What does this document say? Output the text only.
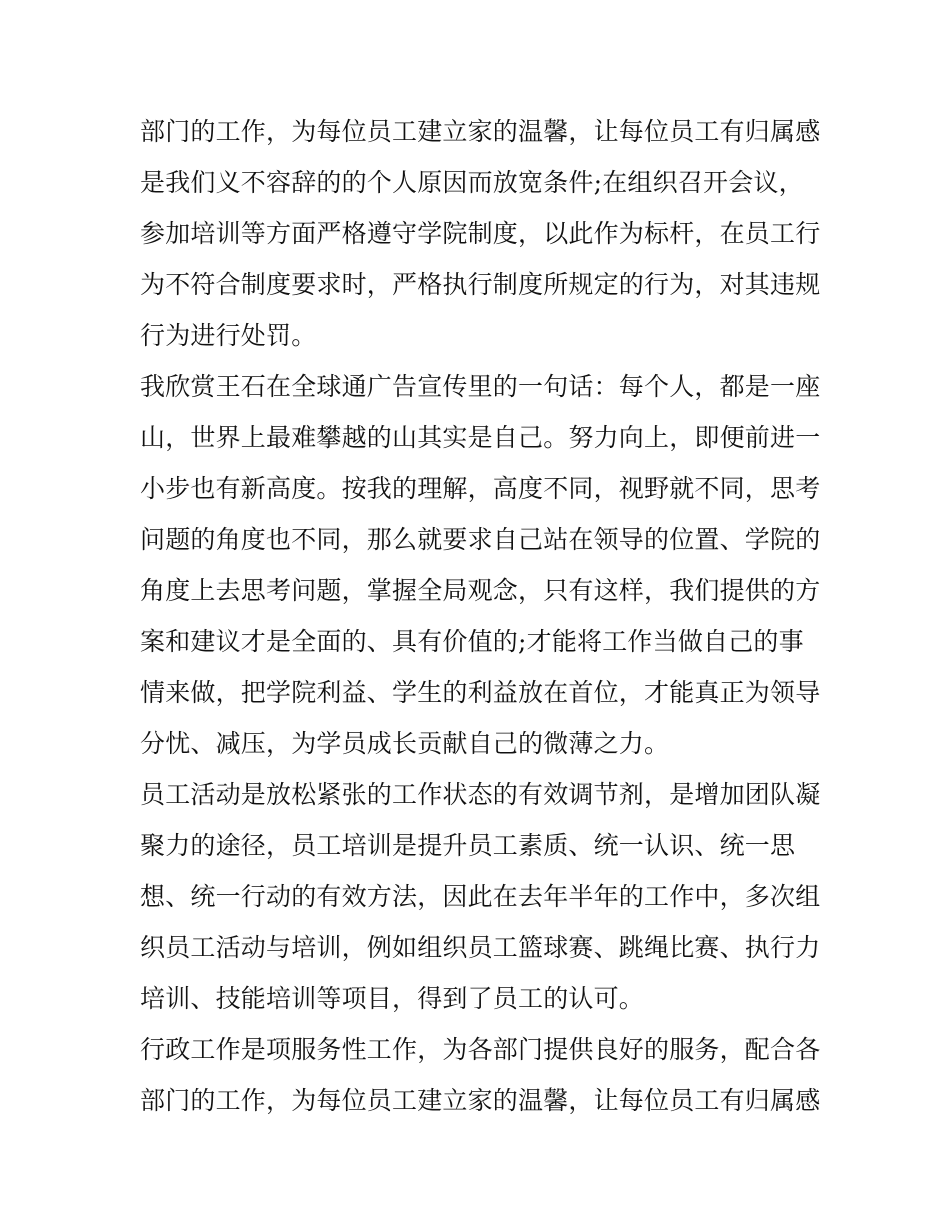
部门的工作，为每位员工建立家的温馨，让每位员工有归属感
是我们义不容辞的的个人原因而放宽条件;在组织召开会议，
参加培训等方面严格遵守学院制度，以此作为标杆，在员工行
为不符合制度要求时，严格执行制度所规定的行为，对其违规
行为进行处罚。
我欣赏王石在全球通广告宣传里的一句话：每个人，都是一座
山，世界上最难攀越的山其实是自己。努力向上，即便前进一
小步也有新高度。按我的理解，高度不同，视野就不同，思考
问题的角度也不同，那么就要求自己站在领导的位置、学院的
角度上去思考问题，掌握全局观念，只有这样，我们提供的方
案和建议才是全面的、具有价值的;才能将工作当做自己的事
情来做，把学院利益、学生的利益放在首位，才能真正为领导
分忧、减压，为学员成长贡献自己的微薄之力。
员工活动是放松紧张的工作状态的有效调节剂，是增加团队凝
聚力的途径，员工培训是提升员工素质、统一认识、统一思
想、统一行动的有效方法，因此在去年半年的工作中，多次组
织员工活动与培训，例如组织员工篮球赛、跳绳比赛、执行力
培训、技能培训等项目，得到了员工的认可。
行政工作是项服务性工作，为各部门提供良好的服务，配合各
部门的工作，为每位员工建立家的温馨，让每位员工有归属感
